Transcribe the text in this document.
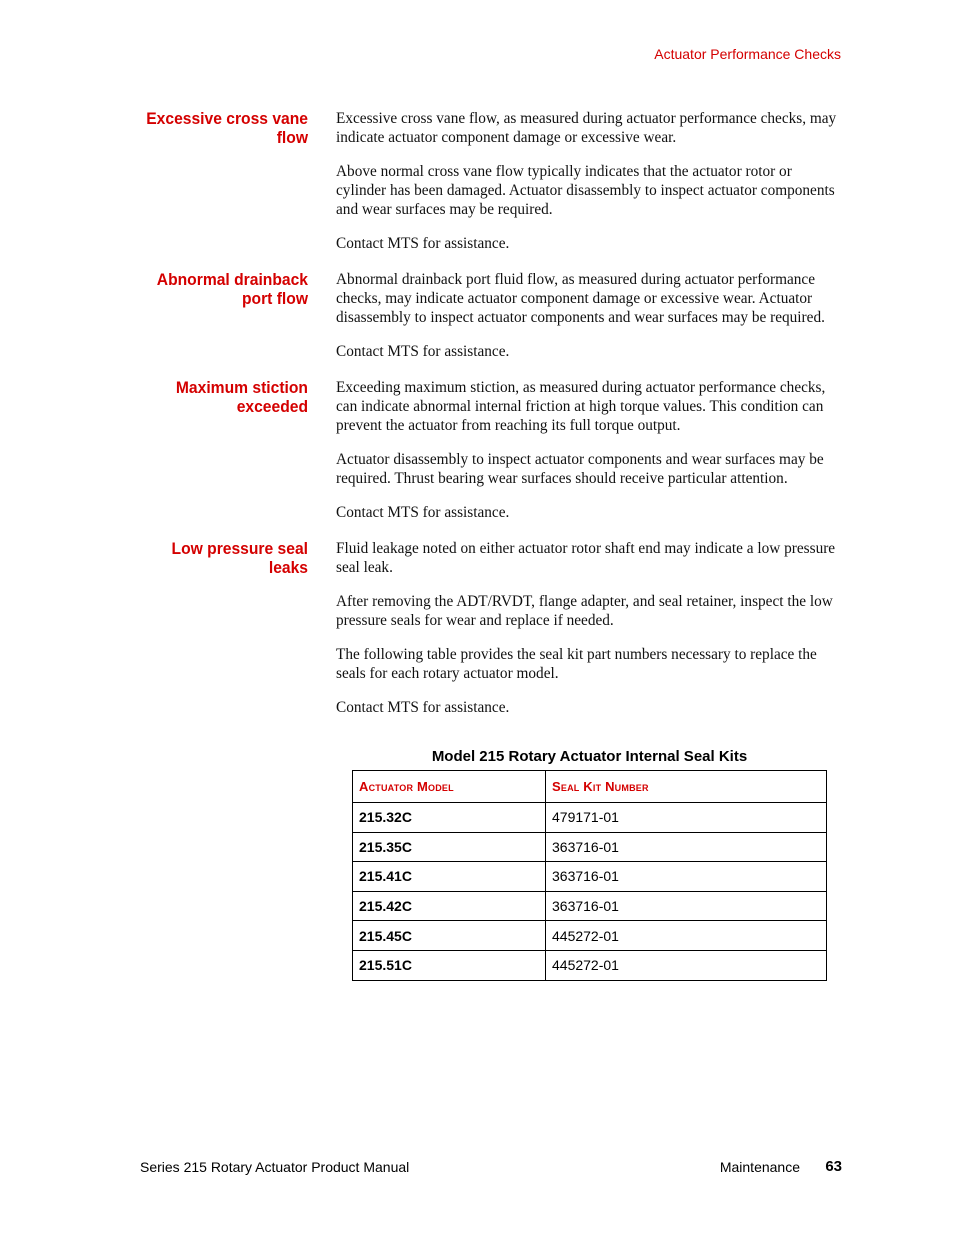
Actuator Performance Checks
Excessive cross vane
flow

Excessive cross vane flow, as measured during actuator performance checks, may indicate actuator component damage or excessive wear.

Above normal cross vane flow typically indicates that the actuator rotor or cylinder has been damaged. Actuator disassembly to inspect actuator components and wear surfaces may be required.

Contact MTS for assistance.

Abnormal drainback
port flow

Abnormal drainback port fluid flow, as measured during actuator performance checks, may indicate actuator component damage or excessive wear. Actuator disassembly to inspect actuator components and wear surfaces may be required.

Contact MTS for assistance.

Maximum stiction
exceeded

Exceeding maximum stiction, as measured during actuator performance checks, can indicate abnormal internal friction at high torque values. This condition can prevent the actuator from reaching its full torque output.

Actuator disassembly to inspect actuator components and wear surfaces may be required. Thrust bearing wear surfaces should receive particular attention.

Contact MTS for assistance.

Low pressure seal
leaks

Fluid leakage noted on either actuator rotor shaft end may indicate a low pressure seal leak.

After removing the ADT/RVDT, flange adapter, and seal retainer, inspect the low pressure seals for wear and replace if needed.

The following table provides the seal kit part numbers necessary to replace the seals for each rotary actuator model.

Contact MTS for assistance.

Model 215 Rotary Actuator Internal Seal Kits
Actuator Model	Seal Kit Number
215.32C	479171-01
215.35C	363716-01
215.41C	363716-01
215.42C	363716-01
215.45C	445272-01
215.51C	445272-01
Series 215 Rotary Actuator Product Manual	Maintenance 63
